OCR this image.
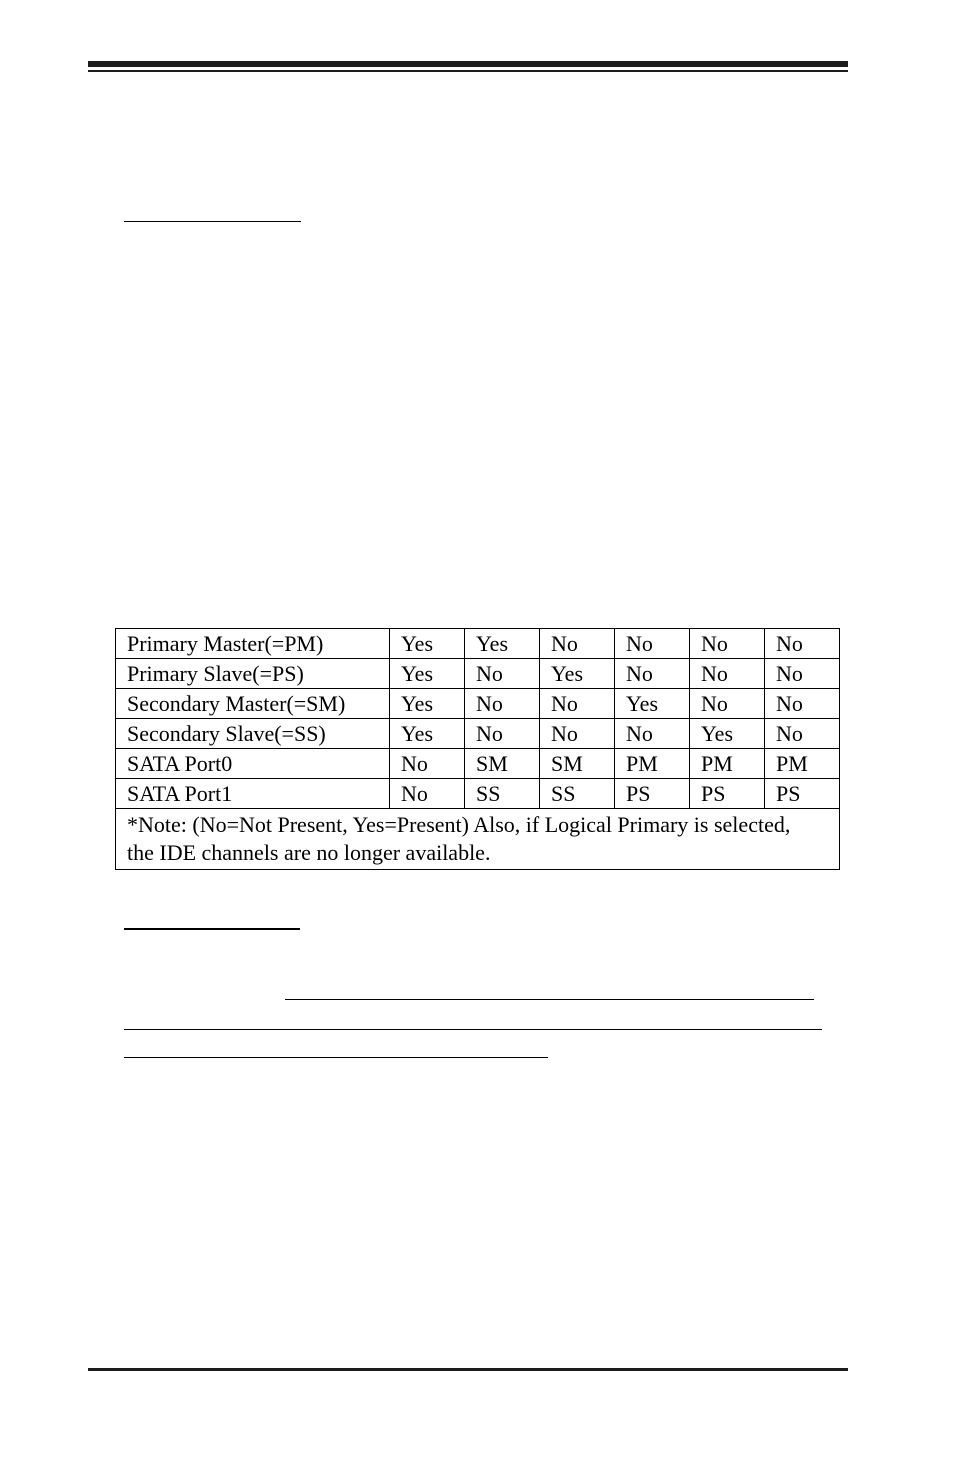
Primary Master(=PM)	Yes	Yes	No	No	No	No
Primary Slave(=PS)	Yes	No	Yes	No	No	No
Secondary Master(=SM)	Yes	No	No	Yes	No	No
Secondary Slave(=SS)	Yes	No	No	No	Yes	No
SATA Port0	No	SM	SM	PM	PM	PM
SATA Port1	No	SS	SS	PS	PS	PS
*Note: (No=Not Present, Yes=Present) Also, if Logical Primary is selected, the IDE channels are no longer available.						
